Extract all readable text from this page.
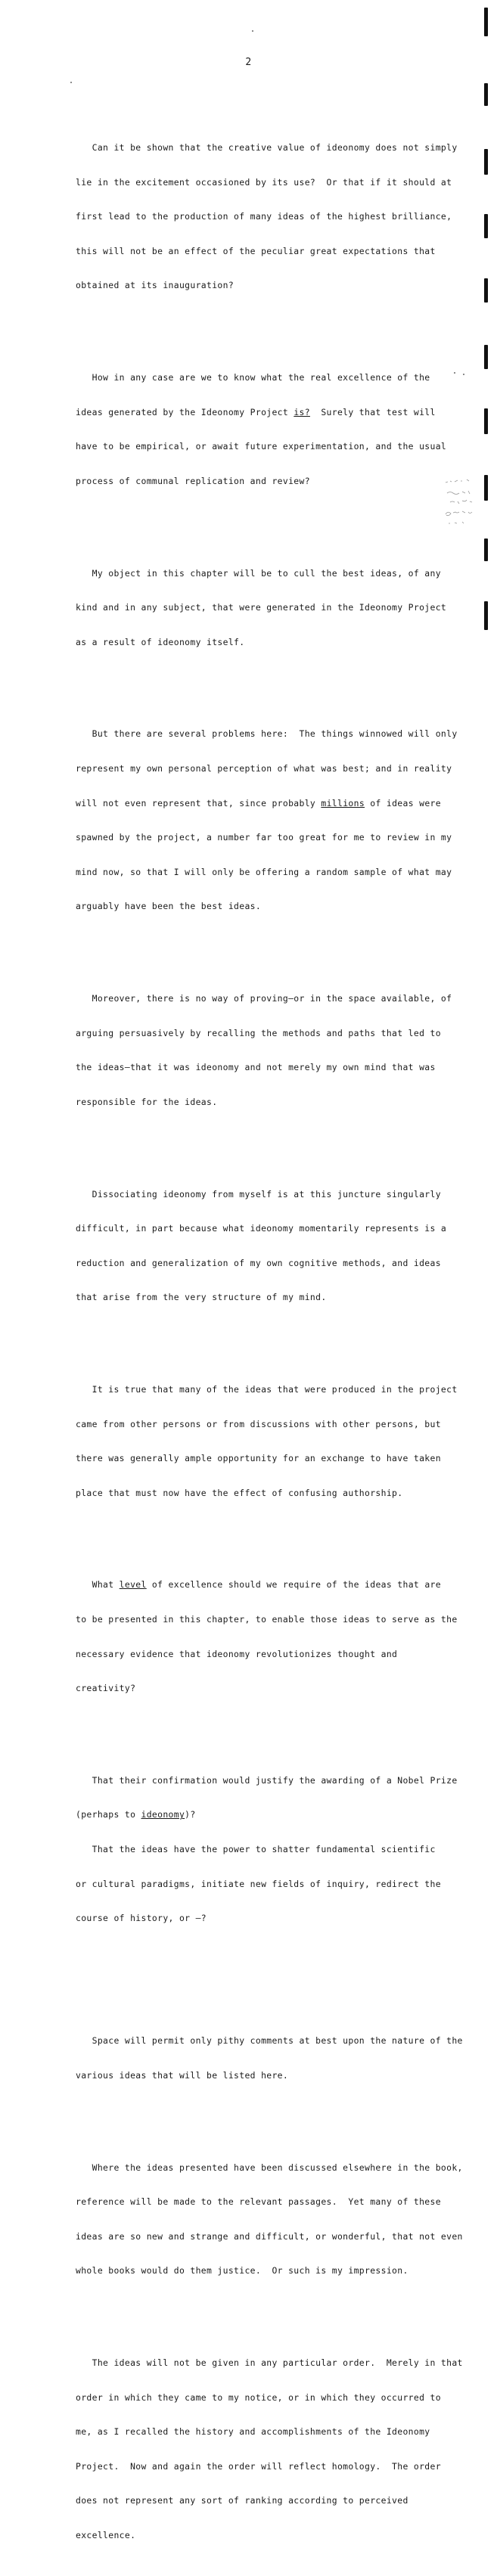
2

Can it be shown that the creative value of ideonomy does not simply

lie in the excitement occasioned by its use?  Or that if it should at

first lead to the production of many ideas of the highest brilliance,

this will not be an effect of the peculiar great expectations that

obtained at its inauguration?

How in any case are we to know what the real excellence of the

ideas generated by the Ideonomy Project is?  Surely that test will

have to be empirical, or await future experimentation, and the usual

process of communal replication and review?

My object in this chapter will be to cull the best ideas, of any

kind and in any subject, that were generated in the Ideonomy Project

as a result of ideonomy itself.

But there are several problems here:  The things winnowed will only

represent my own personal perception of what was best; and in reality

will not even represent that, since probably millions of ideas were

spawned by the project, a number far too great for me to review in my

mind now, so that I will only be offering a random sample of what may

arguably have been the best ideas.

Moreover, there is no way of proving—or in the space available, of

arguing persuasively by recalling the methods and paths that led to

the ideas—that it was ideonomy and not merely my own mind that was

responsible for the ideas.

Dissociating ideonomy from myself is at this juncture singularly

difficult, in part because what ideonomy momentarily represents is a

reduction and generalization of my own cognitive methods, and ideas

that arise from the very structure of my mind.

It is true that many of the ideas that were produced in the project

came from other persons or from discussions with other persons, but

there was generally ample opportunity for an exchange to have taken

place that must now have the effect of confusing authorship.

What level of excellence should we require of the ideas that are

to be presented in this chapter, to enable those ideas to serve as the

necessary evidence that ideonomy revolutionizes thought and

creativity?

That their confirmation would justify the awarding of a Nobel Prize

(perhaps to ideonomy)?

That the ideas have the power to shatter fundamental scientific

or cultural paradigms, initiate new fields of inquiry, redirect the

course of history, or —?

Space will permit only pithy comments at best upon the nature of the

various ideas that will be listed here.

Where the ideas presented have been discussed elsewhere in the book,

reference will be made to the relevant passages.  Yet many of these

ideas are so new and strange and difficult, or wonderful, that not even

whole books would do them justice.  Or such is my impression.

The ideas will not be given in any particular order.  Merely in that

order in which they came to my notice, or in which they occurred to

me, as I recalled the history and accomplishments of the Ideonomy

Project.  Now and again the order will reflect homology.  The order

does not represent any sort of ranking according to perceived

excellence.
